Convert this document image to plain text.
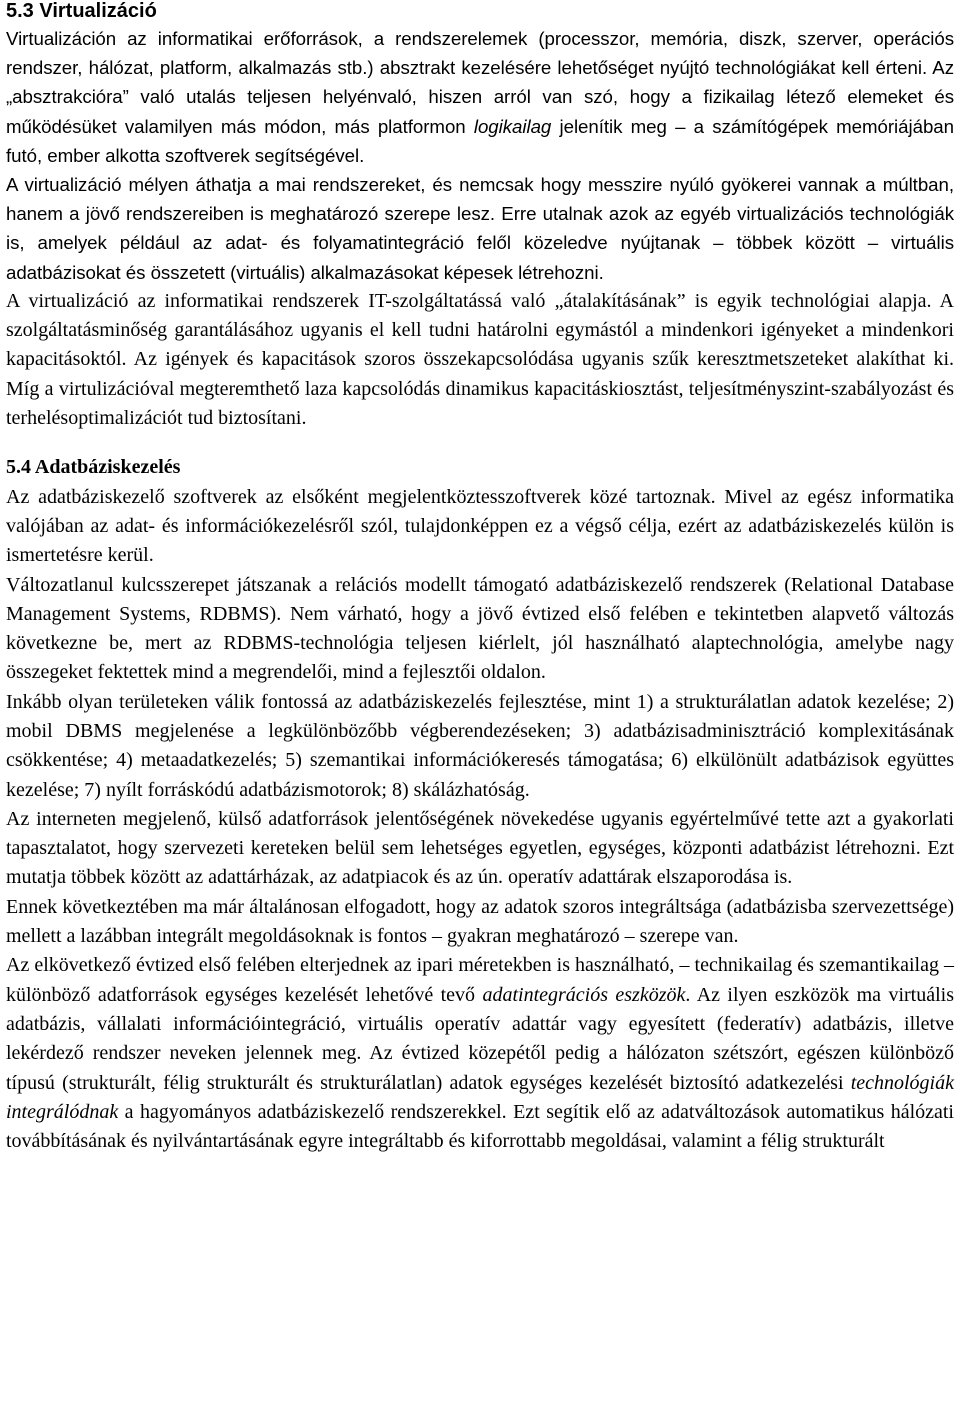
5.3 Virtualizáció

Virtualizáción az informatikai erőforrások, a rendszerelemek (processzor, memória, diszk, szerver, operációs rendszer, hálózat, platform, alkalmazás stb.) absztrakt kezelésére lehetőséget nyújtó technológiákat kell érteni. Az „absztrakcióra” való utalás teljesen helyénvaló, hiszen arról van szó, hogy a fizikailag létező elemeket és működésüket valamilyen más módon, más platformon logikailag jelenítik meg – a számítógépek memóriájában futó, ember alkotta szoftverek segítségével.

A virtualizáció mélyen áthatja a mai rendszereket, és nemcsak hogy messzire nyúló gyökerei vannak a múltban, hanem a jövő rendszereiben is meghatározó szerepe lesz. Erre utalnak azok az egyéb virtualizációs technológiák is, amelyek például az adat- és folyamatintegráció felől közeledve nyújtanak – többek között – virtuális adatbázisokat és összetett (virtuális) alkalmazásokat képesek létrehozni.

A virtualizáció az informatikai rendszerek IT-szolgáltatássá való „átalakításának” is egyik technológiai alapja. A szolgáltatásminőség garantálásához ugyanis el kell tudni határolni egymástól a mindenkori igényeket a mindenkori kapacitásoktól. Az igények és kapacitások szoros összekapcsolódása ugyanis szűk keresztmetszeteket alakíthat ki. Míg a virtulizációval megteremthető laza kapcsolódás dinamikus kapacitáskiosztást, teljesítményszint-szabályozást és terhelésoptimalizációt tud biztosítani.

5.4 Adatbáziskezelés

Az adatbáziskezelő szoftverek az elsőként megjelentköztesszoftverek közé tartoznak. Mivel az egész informatika valójában az adat- és információkezelésről szól, tulajdonképpen ez a végső célja, ezért az adatbáziskezelés külön is ismertetésre kerül.

Változatlanul kulcsszerepet játszanak a relációs modellt támogató adatbáziskezelő rendszerek (Relational Database Management Systems, RDBMS). Nem várható, hogy a jövő évtized első felében e tekintetben alapvető változás következne be, mert az RDBMS-technológia teljesen kiérlelt, jól használható alaptechnológia, amelybe nagy összegeket fektettek mind a megrendelői, mind a fejlesztői oldalon.

Inkább olyan területeken válik fontossá az adatbáziskezelés fejlesztése, mint 1) a strukturálatlan adatok kezelése; 2) mobil DBMS megjelenése a legkülönbözőbb végberendezéseken; 3) adatbázisadminisztráció komplexitásának csökkentése; 4) metaadatkezelés; 5) szemantikai információkeresés támogatása; 6) elkülönült adatbázisok együttes kezelése; 7) nyílt forráskódú adatbázismotorok; 8) skálázhatóság.

Az interneten megjelenő, külső adatforrások jelentőségének növekedése ugyanis egyértelművé tette azt a gyakorlati tapasztalatot, hogy szervezeti kereteken belül sem lehetséges egyetlen, egységes, központi adatbázist létrehozni. Ezt mutatja többek között az adattárházak, az adatpiacok és az ún. operatív adattárak elszaporodása is.

Ennek következtében ma már általánosan elfogadott, hogy az adatok szoros integráltsága (adatbázisba szervezettsége) mellett a lazábban integrált megoldásoknak is fontos – gyakran meghatározó – szerepe van.

Az elkövetkező évtized első felében elterjednek az ipari méretekben is használható, – technikailag és szemantikailag – különböző adatforrások egységes kezelését lehetővé tevő adatintegrációs eszközök. Az ilyen eszközök ma virtuális adatbázis, vállalati információintegráció, virtuális operatív adattár vagy egyesített (federatív) adatbázis, illetve lekérdező rendszer neveken jelennek meg. Az évtized közepétől pedig a hálózaton szétszórt, egészen különböző típusú (strukturált, félig strukturált és strukturálatlan) adatok egységes kezelését biztosító adatkezelési technológiák integrálódnak a hagyományos adatbáziskezelő rendszerekkel. Ezt segítik elő az adatváltozások automatikus hálózati továbbításának és nyilvántartásának egyre integráltabb és kiforrottabb megoldásai, valamint a félig strukturált
